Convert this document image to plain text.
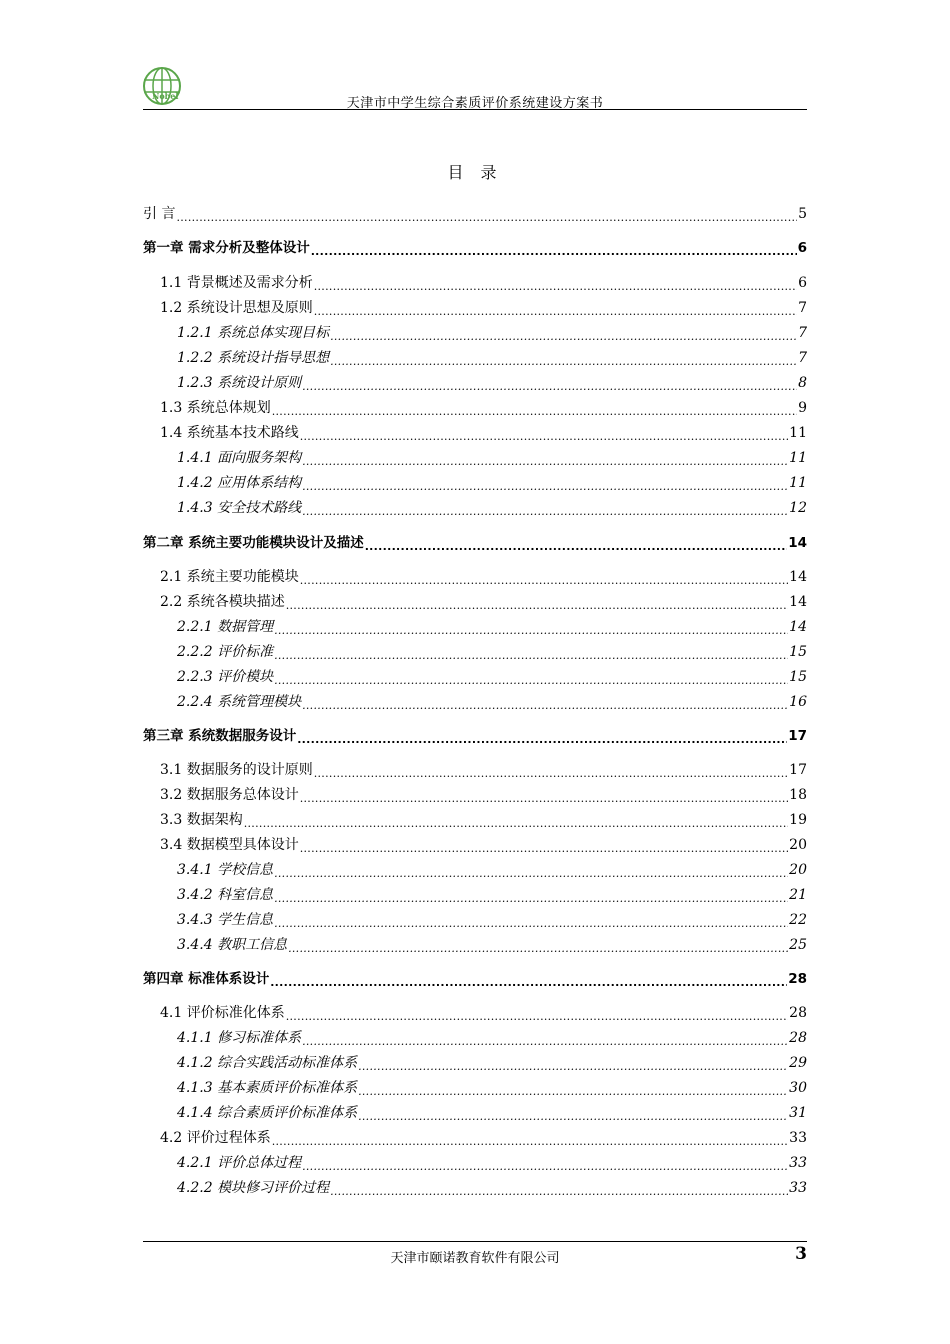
Nobel	天津市中学生综合素质评价系统建设方案书
目 录
引 言 .....	5
第一章 需求分析及整体设计 .....	6
1.1 背景概述及需求分析 .....	6
1.2 系统设计思想及原则 .....	7
1.2.1 系统总体实现目标 .....	7
1.2.2 系统设计指导思想 .....	7
1.2.3 系统设计原则 .....	8
1.3 系统总体规划 .....	9
1.4 系统基本技术路线 .....	11
1.4.1 面向服务架构 .....	11
1.4.2 应用体系结构 .....	11
1.4.3 安全技术路线 .....	12
第二章 系统主要功能模块设计及描述 .....	14
2.1 系统主要功能模块 .....	14
2.2 系统各模块描述 .....	14
2.2.1 数据管理 .....	14
2.2.2 评价标准 .....	15
2.2.3 评价模块 .....	15
2.2.4 系统管理模块 .....	16
第三章 系统数据服务设计 .....	17
3.1 数据服务的设计原则 .....	17
3.2 数据服务总体设计 .....	18
3.3 数据架构 .....	19
3.4 数据模型具体设计 .....	20
3.4.1 学校信息 .....	20
3.4.2 科室信息 .....	21
3.4.3 学生信息 .....	22
3.4.4 教职工信息 .....	25
第四章 标准体系设计 .....	28
4.1 评价标准化体系 .....	28
4.1.1 修习标准体系 .....	28
4.1.2 综合实践活动标准体系 .....	29
4.1.3 基本素质评价标准体系 .....	30
4.1.4 综合素质评价标准体系 .....	31
4.2 评价过程体系 .....	33
4.2.1 评价总体过程 .....	33
4.2.2 模块修习评价过程 .....	33
天津市颐诺教育软件有限公司	3
